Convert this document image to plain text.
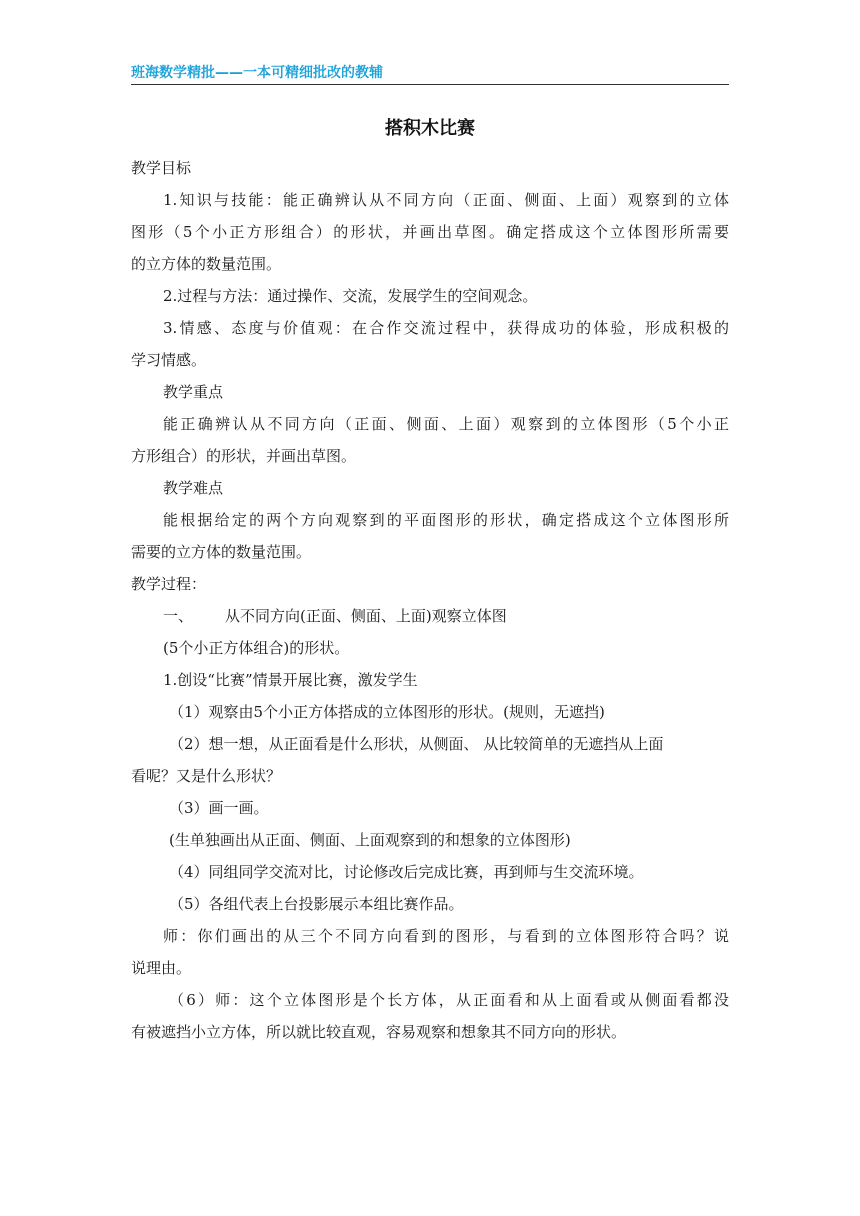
班海数学精批——一本可精细批改的教辅
搭积木比赛
教学目标
1.知识与技能：能正确辨认从不同方向（正面、侧面、上面）观察到的立体
图形（5个小正方形组合）的形状，并画出草图。确定搭成这个立体图形所需要
的立方体的数量范围。
2.过程与方法：通过操作、交流，发展学生的空间观念。
3.情感、态度与价值观：在合作交流过程中，获得成功的体验，形成积极的
学习情感。
教学重点
能正确辨认从不同方向（正面、侧面、上面）观察到的立体图形（5个小正
方形组合）的形状，并画出草图。
教学难点
能根据给定的两个方向观察到的平面图形的形状，确定搭成这个立体图形所
需要的立方体的数量范围。
教学过程：
一、 从不同方向(正面、侧面、上面)观察立体图
(5个小正方体组合)的形状。
1.创设“比赛”情景开展比赛，激发学生
（1）观察由5个小正方体搭成的立体图形的形状。(规则，无遮挡)
（2）想一想，从正面看是什么形状，从侧面、 从比较简单的无遮挡从上面
看呢？又是什么形状？
（3）画一画。
(生单独画出从正面、侧面、上面观察到的和想象的立体图形)
（4）同组同学交流对比，讨论修改后完成比赛，再到师与生交流环境。
（5）各组代表上台投影展示本组比赛作品。
师：你们画出的从三个不同方向看到的图形，与看到的立体图形符合吗？说
说理由。
（6）师：这个立体图形是个长方体，从正面看和从上面看或从侧面看都没
有被遮挡小立方体，所以就比较直观，容易观察和想象其不同方向的形状。
